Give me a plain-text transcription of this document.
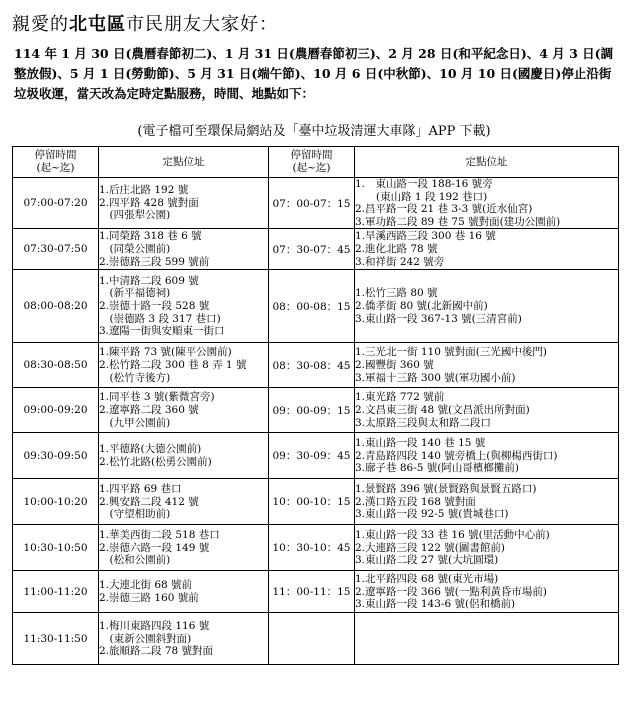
親愛的北屯區市民朋友大家好：
114 年 1 月 30 日(農曆春節初二)、1 月 31 日(農曆春節初三)、2 月 28 日(和平紀念日)、4 月 3 日(調整放假)、5 月 1 日(勞動節)、5 月 31 日(端午節)、10 月 6 日(中秋節)、10 月 10 日(國慶日)停止沿街垃圾收運，當天改為定時定點服務，時間、地點如下：
(電子檔可至環保局網站及「臺中垃圾清運大車隊」APP 下載)
停留時間
(起~迄)	定點位址	停留時間
(起~迄)	定點位址
07:00-07:20	1.后庄北路 192 號
2.四平路 428 號對面
　(四張犁公園)	07：00-07：15	1.　東山路一段 188-16 號旁
　　(東山路 1 段 192 巷口)
2.昌平路一段 21 巷 3-3 號(近水仙宮)
3.軍功路二段 89 巷 75 號對面(建功公園前)

07:30-07:50	1.同榮路 318 巷 6 號
　(同榮公園前)
2.崇德路三段 599 號前	07：30-07：45	1.旱溪西路三段 300 巷 16 號
2.進化北路 78 號
3.和祥街 242 號旁

08:00-08:20	1.中清路二段 609 號
　(新平福德祠)
2.崇德十路一段 528 號
　(崇德路 3 段 317 巷口)
3.遼陽一街與安順東一街口	08：00-08：15	1.松竹三路 80 號
2.僑孝街 80 號(北新國中前)
3.東山路一段 367-13 號(三清宮前)

08:30-08:50	1.陳平路 73 號(陳平公園前)
2.松竹路二段 300 巷 8 弄 1 號
　(松竹寺後方)	08：30-08：45	1.三光北一街 110 號對面(三光國中後門)
2.國豐街 360 號
3.軍福十三路 300 號(軍功國小前)

09:00-09:20	1.同平巷 3 號(紫微宮旁)
2.遼寧路二段 360 號
　(九甲公園前)	09：00-09：15	1.東光路 772 號前
2.文昌東三街 48 號(文昌派出所對面)
3.太原路三段與太和路二段口

09:30-09:50	1.平德路(大德公園前)
2.松竹北路(松勇公園前)	09：30-09：45	1.東山路一段 140 巷 15 號
2.青島路四段 140 號旁橋上(與柳楊西街口)
3.廍子巷 86-5 號(阿山哥檳榔攤前)

10:00-10:20	1.四平路 69 巷口
2.興安路二段 412 號
　(守望相助前)	10：00-10：15	1.景賢路 396 號(景賢路與景賢五路口)
2.漢口路五段 168 號對面
3.東山路一段 92-5 號(貴城巷口)

10:30-10:50	1.華美西街二段 518 巷口
2.崇德六路一段 149 號
　(松和公園前)	10：30-10：45	1.東山路一段 33 巷 16 號(里活動中心前)
2.大連路三段 122 號(圖書館前)
3.東山路二段 27 號(大坑圓環)

11:00-11:20	1.大連北街 68 號前
2.崇德三路 160 號前	11：00-11：15	1.北平路四段 68 號(東光市場)
2.遼寧路一段 366 號(一點利黃昏市場前)
3.東山路一段 143-6 號(侶和橋前)

11:30-11:50	1.梅川東路四段 116 號
　(東新公園斜對面)
2.旅順路二段 78 號對面		
